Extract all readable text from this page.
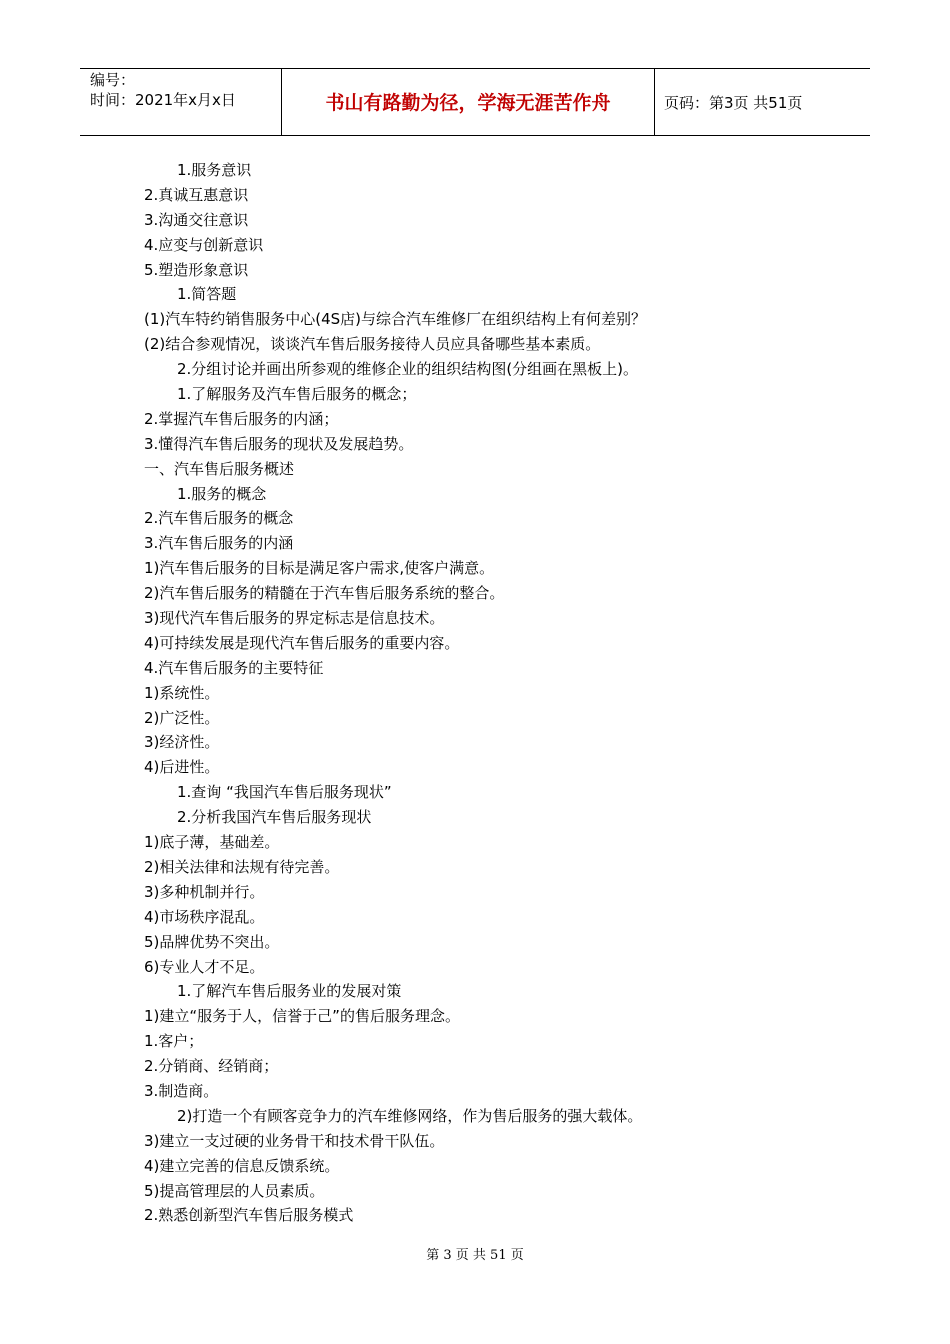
编号：
时间：2021年x月x日	书山有路勤为径，学海无涯苦作舟	页码：第3页 共51页
1.服务意识
2.真诚互惠意识
3.沟通交往意识
4.应变与创新意识
5.塑造形象意识
1.简答题
(1)汽车特约销售服务中心(4S店)与综合汽车维修厂在组织结构上有何差别？
(2)结合参观情况，谈谈汽车售后服务接待人员应具备哪些基本素质。
2.分组讨论并画出所参观的维修企业的组织结构图(分组画在黑板上)。
1.了解服务及汽车售后服务的概念；
2.掌握汽车售后服务的内涵；
3.懂得汽车售后服务的现状及发展趋势。
一、汽车售后服务概述
1.服务的概念
2.汽车售后服务的概念
3.汽车售后服务的内涵
1)汽车售后服务的目标是满足客户需求,使客户满意。
2)汽车售后服务的精髓在于汽车售后服务系统的整合。
3)现代汽车售后服务的界定标志是信息技术。
4)可持续发展是现代汽车售后服务的重要内容。
4.汽车售后服务的主要特征
1)系统性。
2)广泛性。
3)经济性。
4)后进性。
1.查询 “我国汽车售后服务现状”
2.分析我国汽车售后服务现状
1)底子薄，基础差。
2)相关法律和法规有待完善。
3)多种机制并行。
4)市场秩序混乱。
5)品牌优势不突出。
6)专业人才不足。
1.了解汽车售后服务业的发展对策
1)建立“服务于人，信誉于己”的售后服务理念。
1.客户；
2.分销商、经销商；
3.制造商。
2)打造一个有顾客竞争力的汽车维修网络，作为售后服务的强大载体。
3)建立一支过硬的业务骨干和技术骨干队伍。
4)建立完善的信息反馈系统。
5)提高管理层的人员素质。
2.熟悉创新型汽车售后服务模式
第 3 页 共 51 页
